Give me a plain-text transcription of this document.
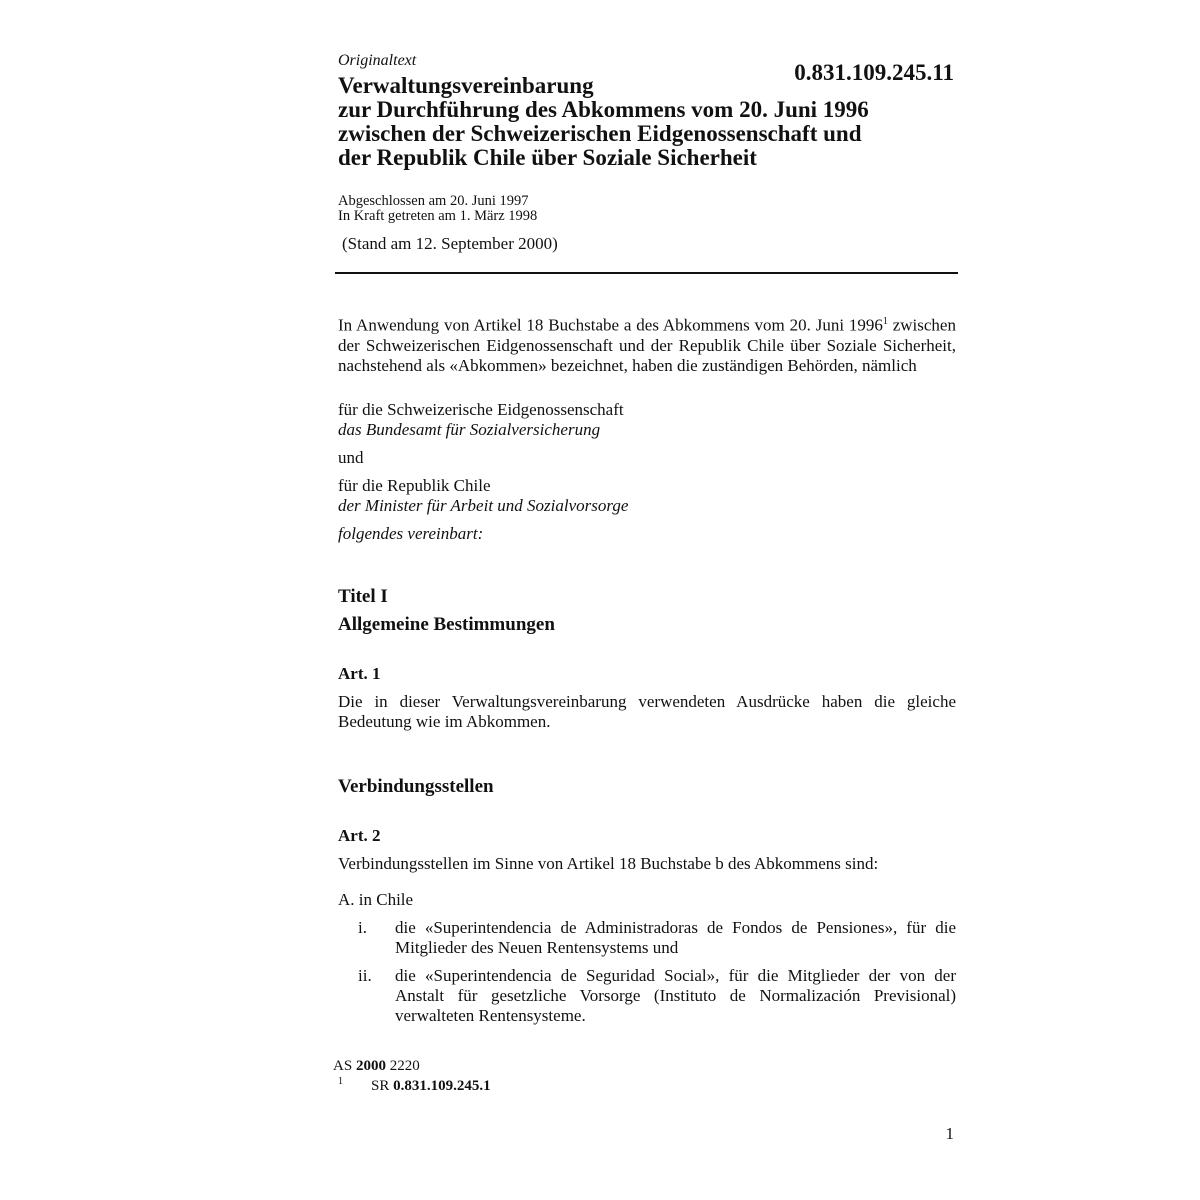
Originaltext	0.831.109.245.11
Verwaltungsvereinbarung
zur Durchführung des Abkommens vom 20. Juni 1996
zwischen der Schweizerischen Eidgenossenschaft und
der Republik Chile über Soziale Sicherheit
Abgeschlossen am 20. Juni 1997
In Kraft getreten am 1. März 1998
(Stand am 12. September 2000)
In Anwendung von Artikel 18 Buchstabe a des Abkommens vom 20. Juni 1996$^1$ zwischen der Schweizerischen Eidgenossenschaft und der Republik Chile über Soziale Sicherheit, nachstehend als «Abkommen» bezeichnet, haben die zuständigen Behörden, nämlich
für die Schweizerische Eidgenossenschaft
das Bundesamt für Sozialversicherung
und
für die Republik Chile
der Minister für Arbeit und Sozialvorsorge
folgendes vereinbart:
Titel I
Allgemeine Bestimmungen
Art. 1
Die in dieser Verwaltungsvereinbarung verwendeten Ausdrücke haben die gleiche Bedeutung wie im Abkommen.
Verbindungsstellen
Art. 2
Verbindungsstellen im Sinne von Artikel 18 Buchstabe b des Abkommens sind:
A. in Chile
i.	die «Superintendencia de Administradoras de Fondos de Pensiones», für die Mitglieder des Neuen Rentensystems und
ii.	die «Superintendencia de Seguridad Social», für die Mitglieder der von der Anstalt für gesetzliche Vorsorge (Instituto de Normalización Previsional) verwalteten Rentensysteme.
AS 2000 2220
1 SR 0.831.109.245.1
1
